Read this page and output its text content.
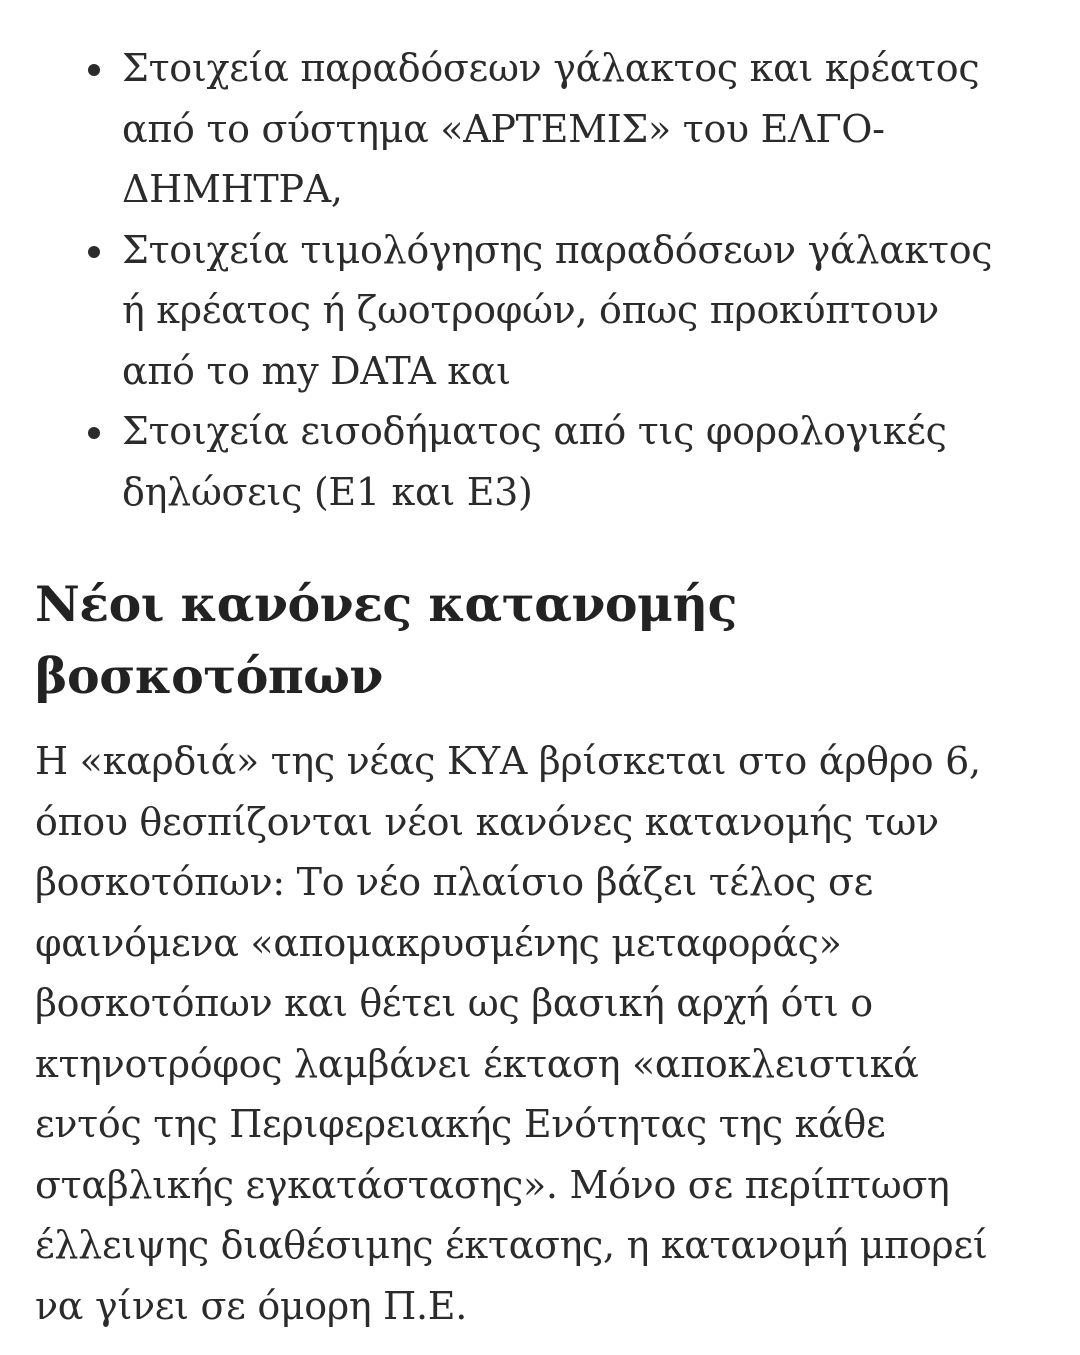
Στοιχεία παραδόσεων γάλακτος και κρέατος
από το σύστημα «ΑΡΤΕΜΙΣ» του ΕΛΓΟ-
ΔΗΜΗΤΡΑ,
Στοιχεία τιμολόγησης παραδόσεων γάλακτος
ή κρέατος ή ζωοτροφών, όπως προκύπτουν
από το my DATA και
Στοιχεία εισοδήματος από τις φορολογικές
δηλώσεις (Ε1 και Ε3)
Νέοι κανόνες κατανομής
βοσκοτόπων
Η «καρδιά» της νέας ΚΥΑ βρίσκεται στο άρθρο 6,
όπου θεσπίζονται νέοι κανόνες κατανομής των
βοσκοτόπων: Το νέο πλαίσιο βάζει τέλος σε
φαινόμενα «απομακρυσμένης μεταφοράς»
βοσκοτόπων και θέτει ως βασική αρχή ότι ο
κτηνοτρόφος λαμβάνει έκταση «αποκλειστικά
εντός της Περιφερειακής Ενότητας της κάθε
σταβλικής εγκατάστασης». Μόνο σε περίπτωση
έλλειψης διαθέσιμης έκτασης, η κατανομή μπορεί
να γίνει σε όμορη Π.Ε.
